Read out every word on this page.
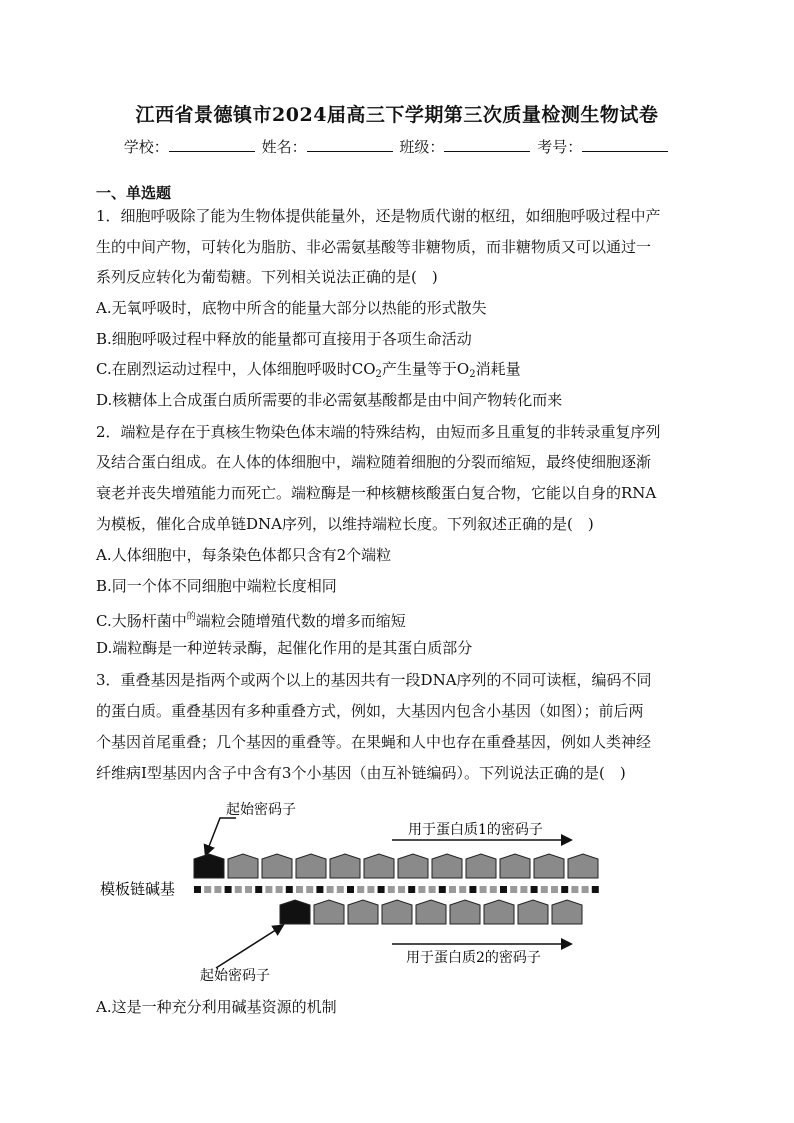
江西省景德镇市2024届高三下学期第三次质量检测生物试卷
学校：	姓名：	班级：	考号：
一、单选题
1．细胞呼吸除了能为生物体提供能量外，还是物质代谢的枢纽，如细胞呼吸过程中产
生的中间产物，可转化为脂肪、非必需氨基酸等非糖物质，而非糖物质又可以通过一
系列反应转化为葡萄糖。下列相关说法正确的是(　)
A.无氧呼吸时，底物中所含的能量大部分以热能的形式散失
B.细胞呼吸过程中释放的能量都可直接用于各项生命活动
C.在剧烈运动过程中，人体细胞呼吸时$CO_2$产生量等于$O_2$消耗量
D.核糖体上合成蛋白质所需要的非必需氨基酸都是由中间产物转化而来
2．端粒是存在于真核生物染色体末端的特殊结构，由短而多且重复的非转录重复序列
及结合蛋白组成。在人体的体细胞中，端粒随着细胞的分裂而缩短，最终使细胞逐渐
衰老并丧失增殖能力而死亡。端粒酶是一种核糖核酸蛋白复合物，它能以自身的RNA
为模板，催化合成单链DNA序列，以维持端粒长度。下列叙述正确的是(　)
A.人体细胞中，每条染色体都只含有2个端粒
B.同一个体不同细胞中端粒长度相同
C.大肠杆菌中$^的$端粒会随增殖代数的增多而缩短
D.端粒酶是一种逆转录酶，起催化作用的是其蛋白质部分
3．重叠基因是指两个或两个以上的基因共有一段DNA序列的不同可读框，编码不同
的蛋白质。重叠基因有多种重叠方式，例如，大基因内包含小基因（如图）；前后两
个基因首尾重叠；几个基因的重叠等。在果蝇和人中也存在重叠基因，例如人类神经
纤维病Ⅰ型基因内含子中含有3个小基因（由互补链编码）。下列说法正确的是(　)
起始密码子
用于蛋白质1的密码子
模板链碱基
用于蛋白质2的密码子
起始密码子
A.这是一种充分利用碱基资源的机制
